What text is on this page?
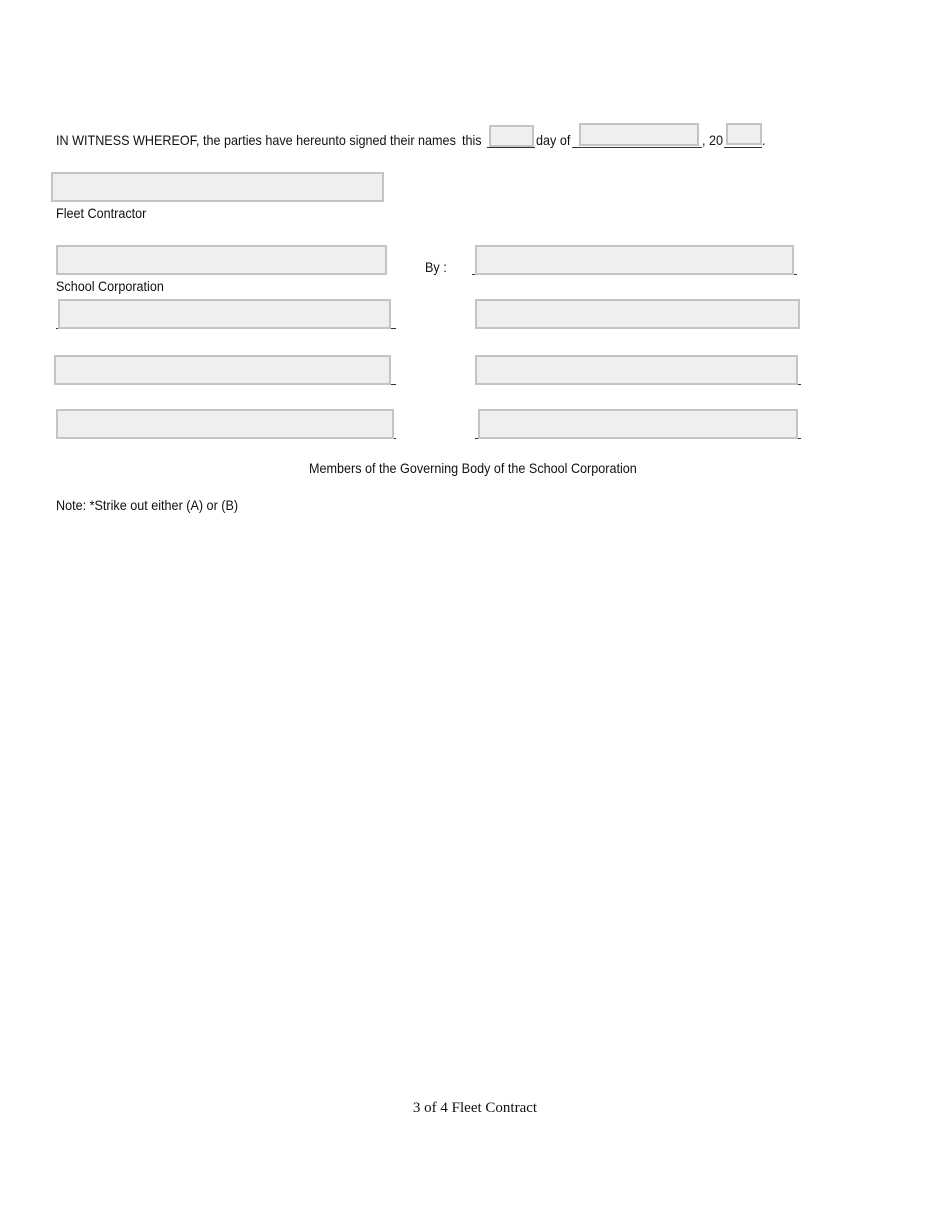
IN WITNESS WHEREOF, the parties have hereunto signed their names this	day of	, 20	.
Fleet Contractor
School Corporation
By :
Members of the Governing Body of the School Corporation
Note: *Strike out either (A) or (B)
3 of 4 Fleet Contract
